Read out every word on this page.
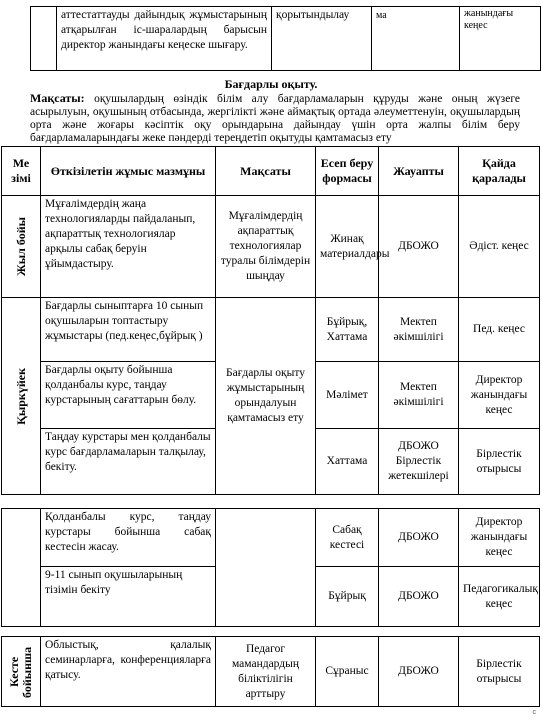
	аттестаттауды дайындық жұмыстарының атқарылған іс-шаралардың барысын директор жанындағы кеңеске шығару.	қорытындылау	ма	жанындағы кеңес
Бағдарлы оқыту.
Мақсаты: оқушылардың өзіндік білім алу бағдарламаларын құруды және оның жүзеге асырылуын, оқушының отбасында, жергілікті және аймақтық ортада әлеуметтенуін, оқушылардың орта және жоғары кәсіптік оқу орындарына дайындау үшін орта жалпы білім беру бағдарламаларындағы жеке пәндерді тереңдетіп оқытуды қамтамасыз ету
Ме зімі	Өткізілетін жұмыс мазмұны	Мақсаты	Есеп беру формасы	Жауапты	Қайда қаралады

Жыл бойы	Мұғалімдердің жаңа технологияларды пайдаланып, ақпараттық технологиялар арқылы сабақ беруін ұйымдастыру.	Мұғалімдердің ақпараттық технологиялар туралы білімдерін шыңдау	Жинақ материалдары	ДБОЖО	Әдіст. кеңес

Қыркүйек	Бағдарлы сыныптарға 10 сынып оқушыларын топтастыру жұмыстары (пед.кеңес,бұйрық )	Бағдарлы оқыту жұмыстарының орындалуын қамтамасыз ету	Бұйрық, Хаттама	Мектеп әкімшілігі	Пед. кеңес
	Бағдарлы оқыту бойынша қолданбалы курс, таңдау курстарының сағаттарын бөлу.		Мәлімет	Мектеп әкімшілігі	Директор жанындағы кеңес
	Таңдау курстары мен қолданбалы курс бағдарламаларын талқылау, бекіту.		Хаттама	ДБОЖО Бірлестік жетекшілері	Бірлестік отырысы

	Қолданбалы курс, таңдау курстары бойынша сабақ кестесін жасау.		Сабақ кестесі	ДБОЖО	Директор жанындағы кеңес
	9-11 сынып оқушыларының тізімін бекіту		Бұйрық	ДБОЖО	Педагогикалық кеңес

Кесте бойынша	Облыстық, қалалық семинарларға, конференцияларға қатысу.	Педагог мамандардың біліктілігін арттыру	Сұраныс	ДБОЖО	Бірлестік отырысы
с
